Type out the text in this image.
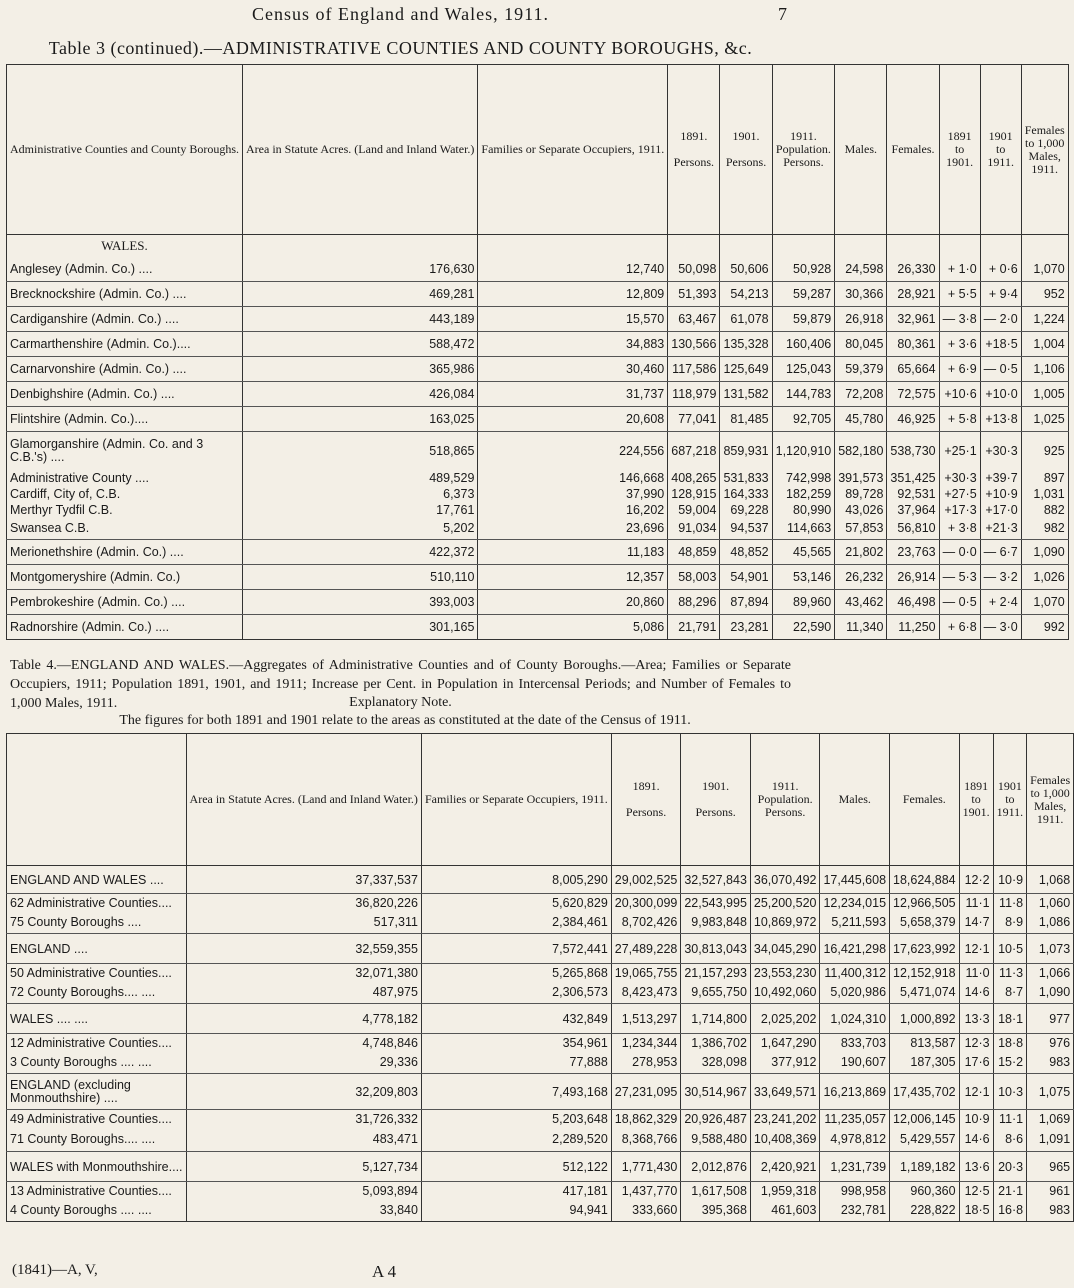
Census of England and Wales, 1911.	7
Table 3 (continued).—ADMINISTRATIVE COUNTIES AND COUNTY BOROUGHS, &c.
Administrative Counties and County Boroughs.	Area in Statute Acres. (Land and Inland Water.)	Families or Separate Occupiers, 1911.	1891.

Persons.	1901.

Persons.	1911.
Population.
Persons.	Males.	Females.	1891 to 1901.	1901 to 1911.	Females to 1,000 Males, 1911.
WALES.										
Anglesey (Admin. Co.) ....	176,630	12,740	50,098	50,606	50,928	24,598	26,330	+ 1·0	+ 0·6	1,070
Brecknockshire (Admin. Co.) ....	469,281	12,809	51,393	54,213	59,287	30,366	28,921	+ 5·5	+ 9·4	952
Cardiganshire (Admin. Co.) ....	443,189	15,570	63,467	61,078	59,879	26,918	32,961	— 3·8	— 2·0	1,224
Carmarthenshire (Admin. Co.)....	588,472	34,883	130,566	135,328	160,406	80,045	80,361	+ 3·6	+18·5	1,004
Carnarvonshire (Admin. Co.) ....	365,986	30,460	117,586	125,649	125,043	59,379	65,664	+ 6·9	— 0·5	1,106
Denbighshire (Admin. Co.) ....	426,084	31,737	118,979	131,582	144,783	72,208	72,575	+10·6	+10·0	1,005
Flintshire (Admin. Co.)....	163,025	20,608	77,041	81,485	92,705	45,780	46,925	+ 5·8	+13·8	1,025
Glamorganshire (Admin. Co. and 3 C.B.'s) ....	518,865	224,556	687,218	859,931	1,120,910	582,180	538,730	+25·1	+30·3	925
Administrative County ....	489,529	146,668	408,265	531,833	742,998	391,573	351,425	+30·3	+39·7	897
Cardiff, City of, C.B.	6,373	37,990	128,915	164,333	182,259	89,728	92,531	+27·5	+10·9	1,031
Merthyr Tydfil C.B.	17,761	16,202	59,004	69,228	80,990	43,026	37,964	+17·3	+17·0	882
Swansea C.B.	5,202	23,696	91,034	94,537	114,663	57,853	56,810	+ 3·8	+21·3	982
Merionethshire (Admin. Co.) ....	422,372	11,183	48,859	48,852	45,565	21,802	23,763	— 0·0	— 6·7	1,090
Montgomeryshire (Admin. Co.)	510,110	12,357	58,003	54,901	53,146	26,232	26,914	— 5·3	— 3·2	1,026
Pembrokeshire (Admin. Co.) ....	393,003	20,860	88,296	87,894	89,960	43,462	46,498	— 0·5	+ 2·4	1,070
Radnorshire (Admin. Co.) ....	301,165	5,086	21,791	23,281	22,590	11,340	11,250	+ 6·8	— 3·0	992
Table 4.—ENGLAND AND WALES.—Aggregates of Administrative Counties and of County Boroughs.—Area; Families or Separate Occupiers, 1911; Population 1891, 1901, and 1911; Increase per Cent. in Population in Intercensal Periods; and Number of Females to 1,000 Males, 1911.	Explanatory Note.
The figures for both 1891 and 1901 relate to the areas as constituted at the date of the Census of 1911.
	Area in Statute Acres. (Land and Inland Water.)	Families or Separate Occupiers, 1911.	1891.

Persons.	1901.

Persons.	1911.
Population.
Persons.	Males.	Females.	1891 to 1901.	1901 to 1911.	Females to 1,000 Males, 1911.
ENGLAND AND WALES ....	37,337,537	8,005,290	29,002,525	32,527,843	36,070,492	17,445,608	18,624,884	12·2	10·9	1,068
62 Administrative Counties....	36,820,226	5,620,829	20,300,099	22,543,995	25,200,520	12,234,015	12,966,505	11·1	11·8	1,060
75 County Boroughs ....	517,311	2,384,461	8,702,426	9,983,848	10,869,972	5,211,593	5,658,379	14·7	8·9	1,086
ENGLAND ....	32,559,355	7,572,441	27,489,228	30,813,043	34,045,290	16,421,298	17,623,992	12·1	10·5	1,073
50 Administrative Counties....	32,071,380	5,265,868	19,065,755	21,157,293	23,553,230	11,400,312	12,152,918	11·0	11·3	1,066
72 County Boroughs.... ....	487,975	2,306,573	8,423,473	9,655,750	10,492,060	5,020,986	5,471,074	14·6	8·7	1,090
WALES .... ....	4,778,182	432,849	1,513,297	1,714,800	2,025,202	1,024,310	1,000,892	13·3	18·1	977
12 Administrative Counties....	4,748,846	354,961	1,234,344	1,386,702	1,647,290	833,703	813,587	12·3	18·8	976
3 County Boroughs .... ....	29,336	77,888	278,953	328,098	377,912	190,607	187,305	17·6	15·2	983
ENGLAND (excluding Monmouthshire) ....	32,209,803	7,493,168	27,231,095	30,514,967	33,649,571	16,213,869	17,435,702	12·1	10·3	1,075
49 Administrative Counties....	31,726,332	5,203,648	18,862,329	20,926,487	23,241,202	11,235,057	12,006,145	10·9	11·1	1,069
71 County Boroughs.... ....	483,471	2,289,520	8,368,766	9,588,480	10,408,369	4,978,812	5,429,557	14·6	8·6	1,091
WALES with Monmouthshire....	5,127,734	512,122	1,771,430	2,012,876	2,420,921	1,231,739	1,189,182	13·6	20·3	965
13 Administrative Counties....	5,093,894	417,181	1,437,770	1,617,508	1,959,318	998,958	960,360	12·5	21·1	961
4 County Boroughs .... ....	33,840	94,941	333,660	395,368	461,603	232,781	228,822	18·5	16·8	983
(1841)—A, V,	A 4
